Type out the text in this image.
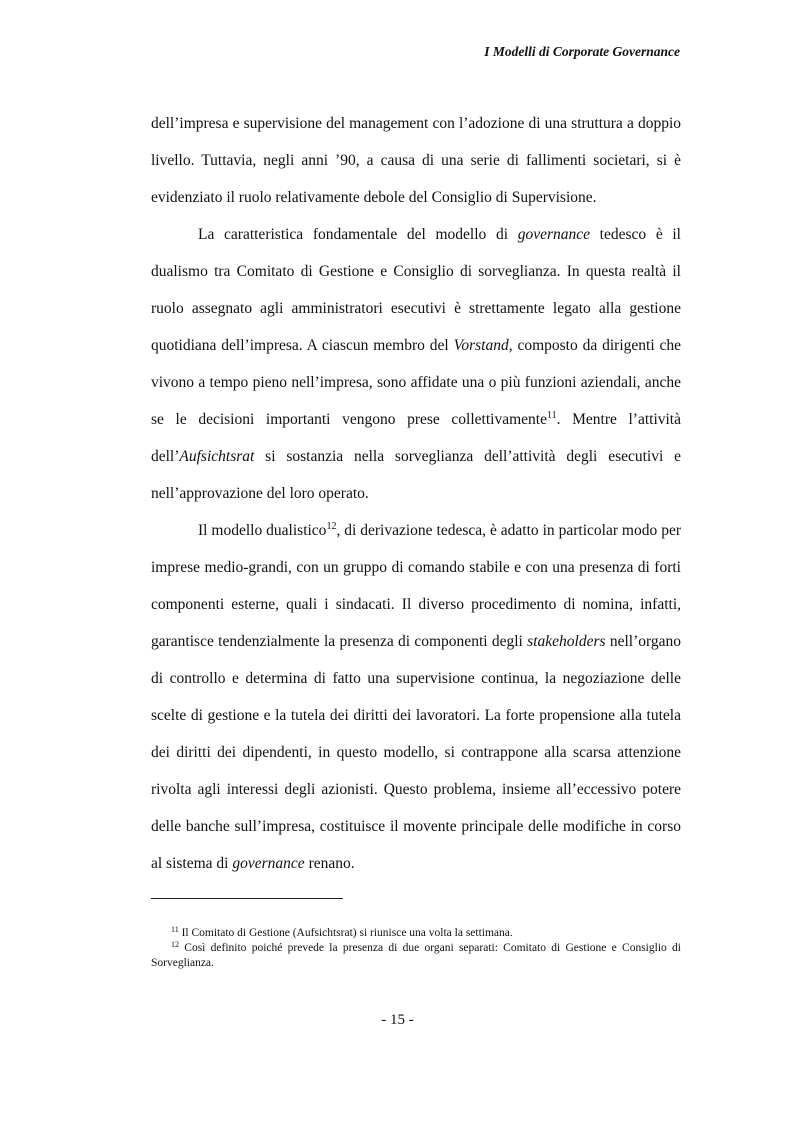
I Modelli di Corporate Governance

dell’impresa e supervisione del management con l’adozione di una struttura a doppio livello. Tuttavia, negli anni ’90, a causa di una serie di fallimenti societari, si è evidenziato il ruolo relativamente debole del Consiglio di Supervisione.

La caratteristica fondamentale del modello di governance tedesco è il dualismo tra Comitato di Gestione e Consiglio di sorveglianza. In questa realtà il ruolo assegnato agli amministratori esecutivi è strettamente legato alla gestione quotidiana dell’impresa. A ciascun membro del Vorstand, composto da dirigenti che vivono a tempo pieno nell’impresa, sono affidate una o più funzioni aziendali, anche se le decisioni importanti vengono prese collettivamente$^{11}$. Mentre l’attività dell’Aufsichtsrat si sostanzia nella sorveglianza dell’attività degli esecutivi e nell’approvazione del loro operato.

Il modello dualistico$^{12}$, di derivazione tedesca, è adatto in particolar modo per imprese medio-grandi, con un gruppo di comando stabile e con una presenza di forti componenti esterne, quali i sindacati. Il diverso procedimento di nomina, infatti, garantisce tendenzialmente la presenza di componenti degli stakeholders nell’organo di controllo e determina di fatto una supervisione continua, la negoziazione delle scelte di gestione e la tutela dei diritti dei lavoratori. La forte propensione alla tutela dei diritti dei dipendenti, in questo modello, si contrappone alla scarsa attenzione rivolta agli interessi degli azionisti. Questo problema, insieme all’eccessivo potere delle banche sull’impresa, costituisce il movente principale delle modifiche in corso al sistema di governance renano.

$^{11}$ Il Comitato di Gestione (Aufsichtsrat) si riunisce una volta la settimana.

$^{12}$ Così definito poiché prevede la presenza di due organi separati: Comitato di Gestione e Consiglio di Sorveglianza.

- 15 -
